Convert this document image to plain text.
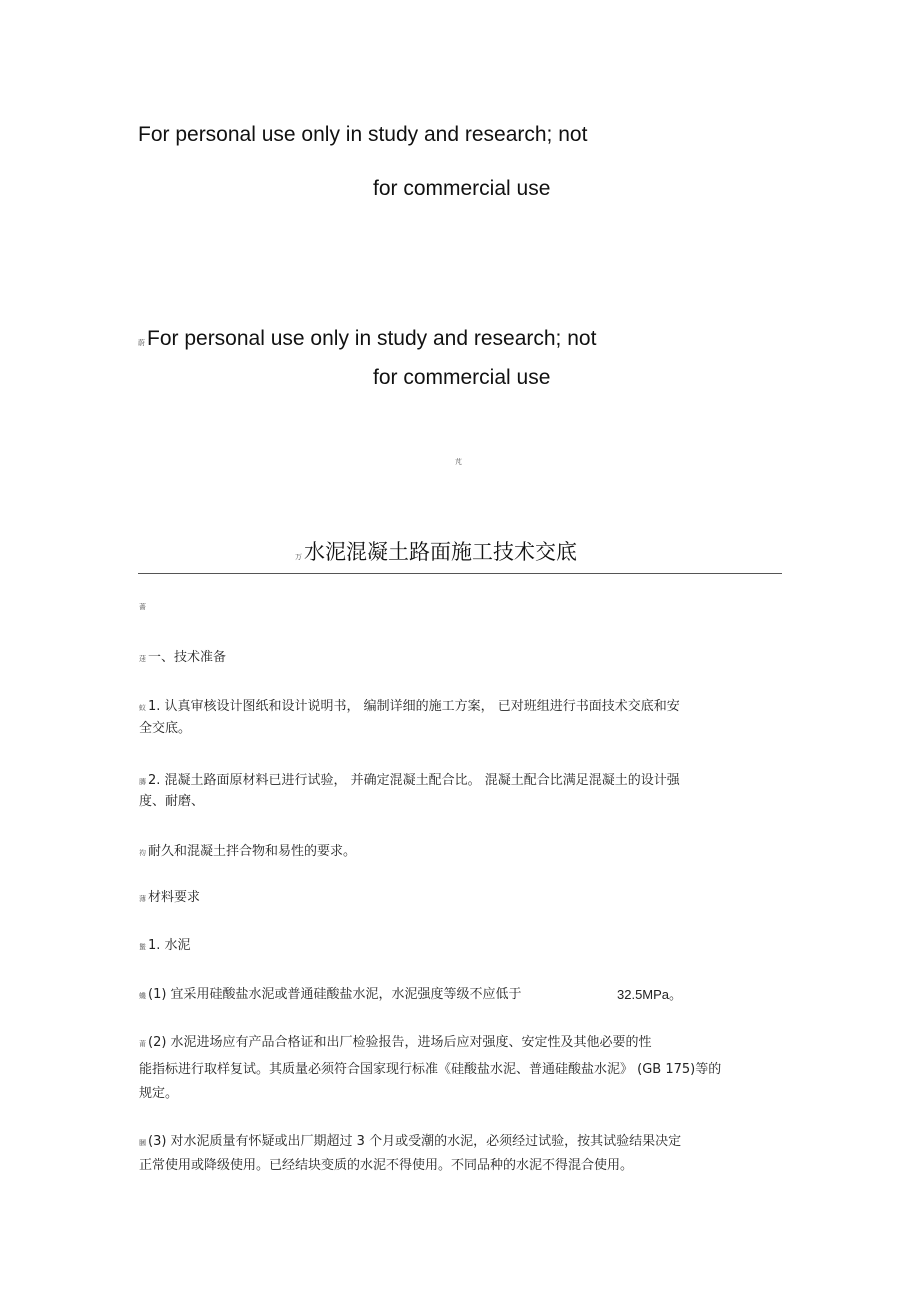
For personal use only in study and research; not
for commercial use
蔚For personal use only in study and research; not
for commercial use
芃
万水泥混凝土路面施工技术交底
蔷
蒁 一、技术准备
蚁 1. 认真审核设计图纸和设计说明书， 编制详细的施工方案， 已对班组进行书面技术交底和安
全交底。
膞 2. 混凝土路面原材料已进行试验， 并确定混凝土配合比。 混凝土配合比满足混凝土的设计强
度、耐磨、
袀 耐久和混凝土拌合物和易性的要求。
薄 材料要求
螚 1. 水泥
蟣 (1) 宜采用硅酸盐水泥或普通硅酸盐水泥，水泥强度等级不应低于	32.5MPa。
莆 (2) 水泥进场应有产品合格证和出厂检验报告，进场后应对强度、安定性及其他必要的性
能指标进行取样复试。其质量必须符合国家现行标准《硅酸盐水泥、普通硅酸盐水泥》 (GB 175)等的
规定。
膕 (3) 对水泥质量有怀疑或出厂期超过 3 个月或受潮的水泥，必须经过试验，按其试验结果决定
正常使用或降级使用。已经结块变质的水泥不得使用。不同品种的水泥不得混合使用。
